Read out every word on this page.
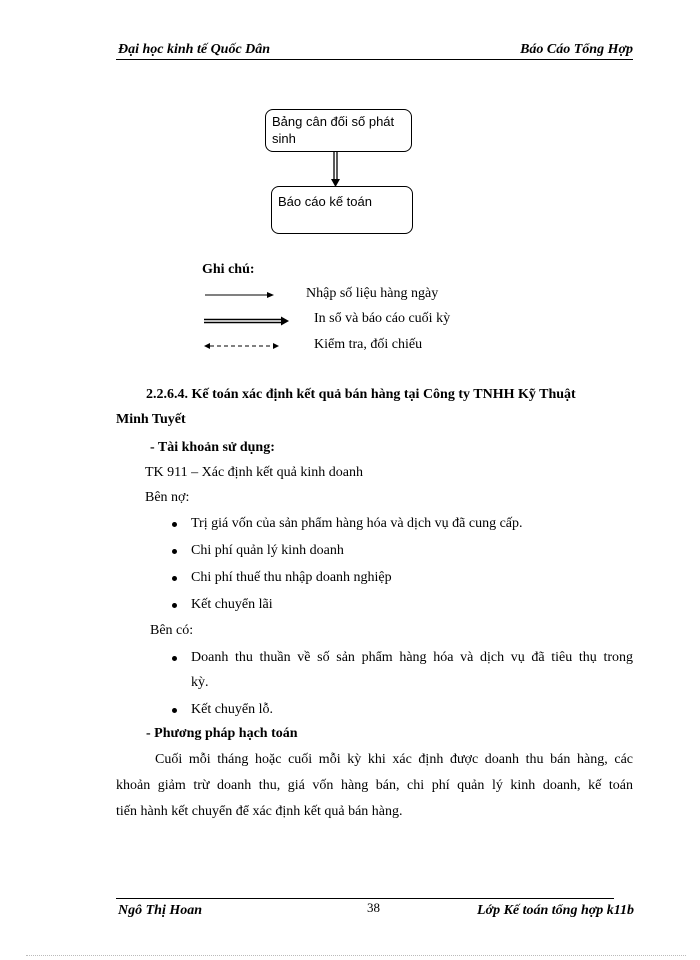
Đại học kinh tế Quốc Dân	Báo Cáo Tổng Hợp
Bảng cân đối số phát
sinh
Báo cáo kế toán
Ghi chú:
Nhập số liệu hàng ngày
In sổ và báo cáo cuối kỳ
Kiểm tra, đối chiếu
2.2.6.4. Kế toán xác định kết quả bán hàng tại Công ty TNHH Kỹ Thuật
Minh Tuyết
- Tài khoản sử dụng:
TK 911 – Xác định kết quả kinh doanh
Bên nợ:
Trị giá vốn của sản phẩm hàng hóa và dịch vụ đã cung cấp.
Chi phí quản lý kinh doanh
Chi phí thuế thu nhập doanh nghiệp
Kết chuyển lãi
Bên có:
Doanh thu thuần về số sản phẩm hàng hóa và dịch vụ đã tiêu thụ trong
kỳ.
Kết chuyển lỗ.
- Phương pháp hạch toán
Cuối mỗi tháng hoặc cuối mỗi kỳ khi xác định được doanh thu bán hàng, các
khoản giảm trừ doanh thu, giá vốn hàng bán, chi phí quản lý kinh doanh, kế toán
tiến hành kết chuyển để xác định kết quả bán hàng.
Ngô Thị Hoan	38	Lớp Kế toán tổng hợp k11b
